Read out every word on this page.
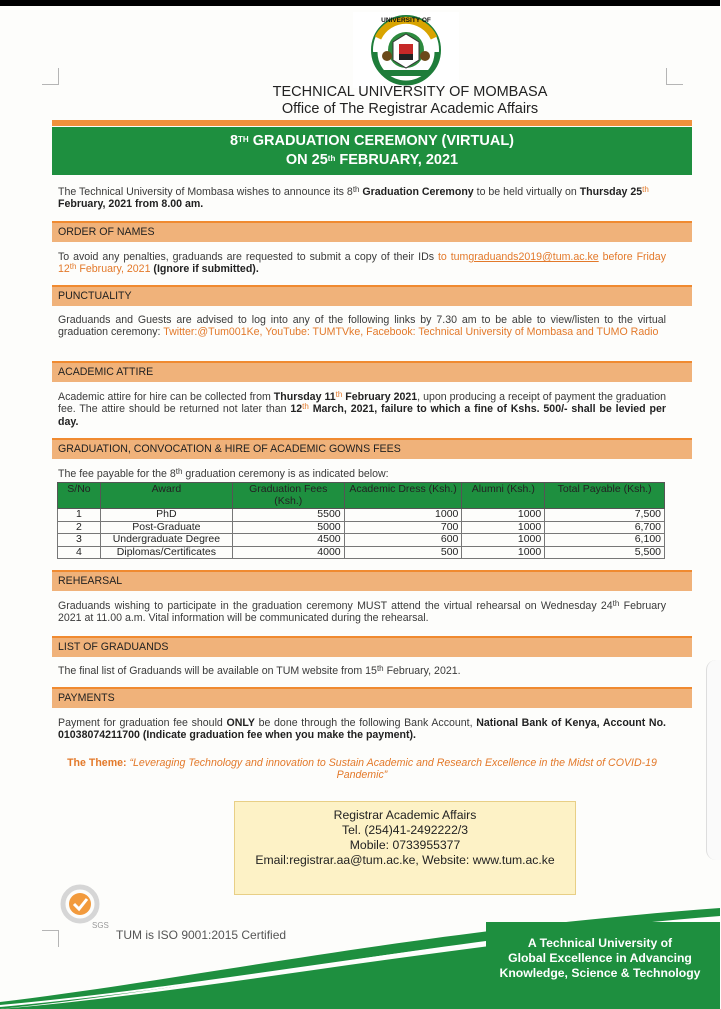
UNIVERSITY OF
TECHNICAL UNIVERSITY OF MOMBASA
Office of The Registrar Academic Affairs
8TH GRADUATION CEREMONY (VIRTUAL)
ON 25th FEBRUARY, 2021
The Technical University of Mombasa wishes to announce its 8th Graduation Ceremony to be held virtually on Thursday 25th
February, 2021 from 8.00 am.
ORDER OF NAMES
To avoid any penalties, graduands are requested to submit a copy of their IDs to tumgraduands2019@tum.ac.ke before Friday 12th February, 2021 (Ignore if submitted).
PUNCTUALITY
Graduands and Guests are advised to log into any of the following links by 7.30 am to be able to view/listen to the virtual graduation ceremony: Twitter:@Tum001Ke, YouTube: TUMTVke, Facebook: Technical University of Mombasa and TUMO Radio
ACADEMIC ATTIRE
Academic attire for hire can be collected from Thursday 11th February 2021, upon producing a receipt of payment the graduation fee. The attire should be returned not later than 12th March, 2021, failure to which a fine of Kshs. 500/- shall be levied per day.
GRADUATION, CONVOCATION & HIRE OF ACADEMIC GOWNS FEES
The fee payable for the 8th graduation ceremony is as indicated below:
S/No	Award	Graduation Fees (Ksh.)	Academic Dress (Ksh.)	Alumni (Ksh.)	Total Payable (Ksh.)
1	PhD	5500	1000	1000	7,500
2	Post-Graduate	5000	700	1000	6,700
3	Undergraduate Degree	4500	600	1000	6,100
4	Diplomas/Certificates	4000	500	1000	5,500
REHEARSAL
Graduands wishing to participate in the graduation ceremony MUST attend the virtual rehearsal on Wednesday 24th February 2021 at 11.00 a.m. Vital information will be communicated during the rehearsal.
LIST OF GRADUANDS
The final list of Graduands will be available on TUM website from 15th February, 2021.
PAYMENTS
Payment for graduation fee should ONLY be done through the following Bank Account, National Bank of Kenya, Account No. 01038074211700 (Indicate graduation fee when you make the payment).
The Theme: “Leveraging Technology and innovation to Sustain Academic and Research Excellence in the Midst of COVID-19 Pandemic”
Registrar Academic Affairs
Tel. (254)41-2492222/3
Mobile: 0733955377
Email:registrar.aa@tum.ac.ke, Website: www.tum.ac.ke
SGS
TUM is ISO 9001:2015 Certified
A Technical University of
Global Excellence in Advancing
Knowledge, Science & Technology
